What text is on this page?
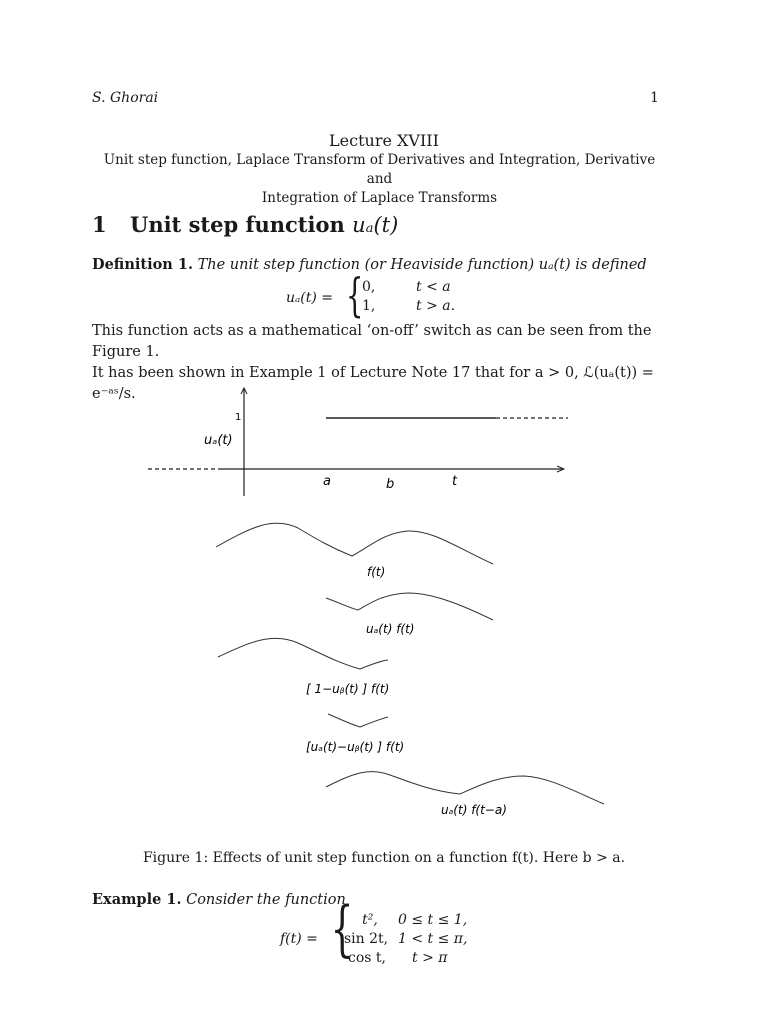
S. Ghorai	1
Lecture XVIII
Unit step function, Laplace Transform of Derivatives and Integration, Derivative and
Integration of Laplace Transforms
1 Unit step function uₐ(t)
Definition 1. The unit step function (or Heaviside function) uₐ(t) is defined
uₐ(t) = {
0,	t < a
1,	t > a.
This function acts as a mathematical ‘on-off’ switch as can be seen from the Figure 1.
It has been shown in Example 1 of Lecture Note 17 that for a > 0, ℒ(uₐ(t)) = e⁻ᵃˢ/s.
1
uₐ(t)
a	b	t
f(t)
uₐ(t) f(t)
[ 1−uᵦ(t) ] f(t)
[uₐ(t)−uᵦ(t) ] f(t)
uₐ(t) f(t−a)
Figure 1: Effects of unit step function on a function f(t). Here b > a.
Example 1. Consider the function
f(t) = { t²,	0 ≤ t ≤ 1,
sin 2t, 1 < t ≤ π,
cos t, t > π
